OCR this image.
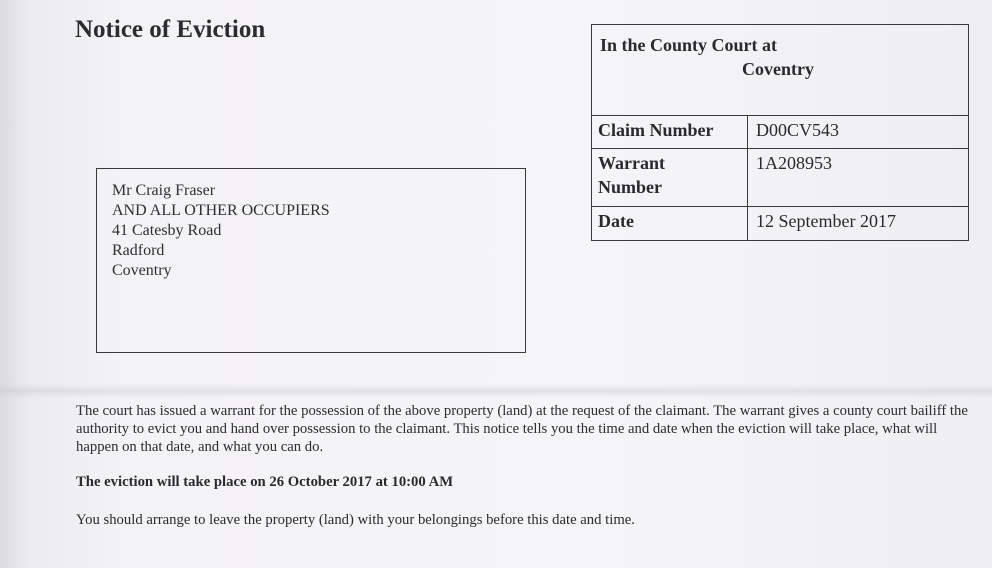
Notice of Eviction
Mr Craig Fraser
AND ALL OTHER OCCUPIERS
41 Catesby Road
Radford
Coventry
In the County Court at
Coventry
Claim Number	D00CV543
Warrant
Number
1A208953
Date	12 September 2017

The court has issued a warrant for the possession of the above property (land) at the request of the claimant. The warrant gives a county court bailiff the authority to evict you and hand over possession to the claimant. This notice tells you the time and date when the eviction will take place, what will happen on that date, and what you can do.

The eviction will take place on 26 October 2017 at 10:00 AM

You should arrange to leave the property (land) with your belongings before this date and time.
